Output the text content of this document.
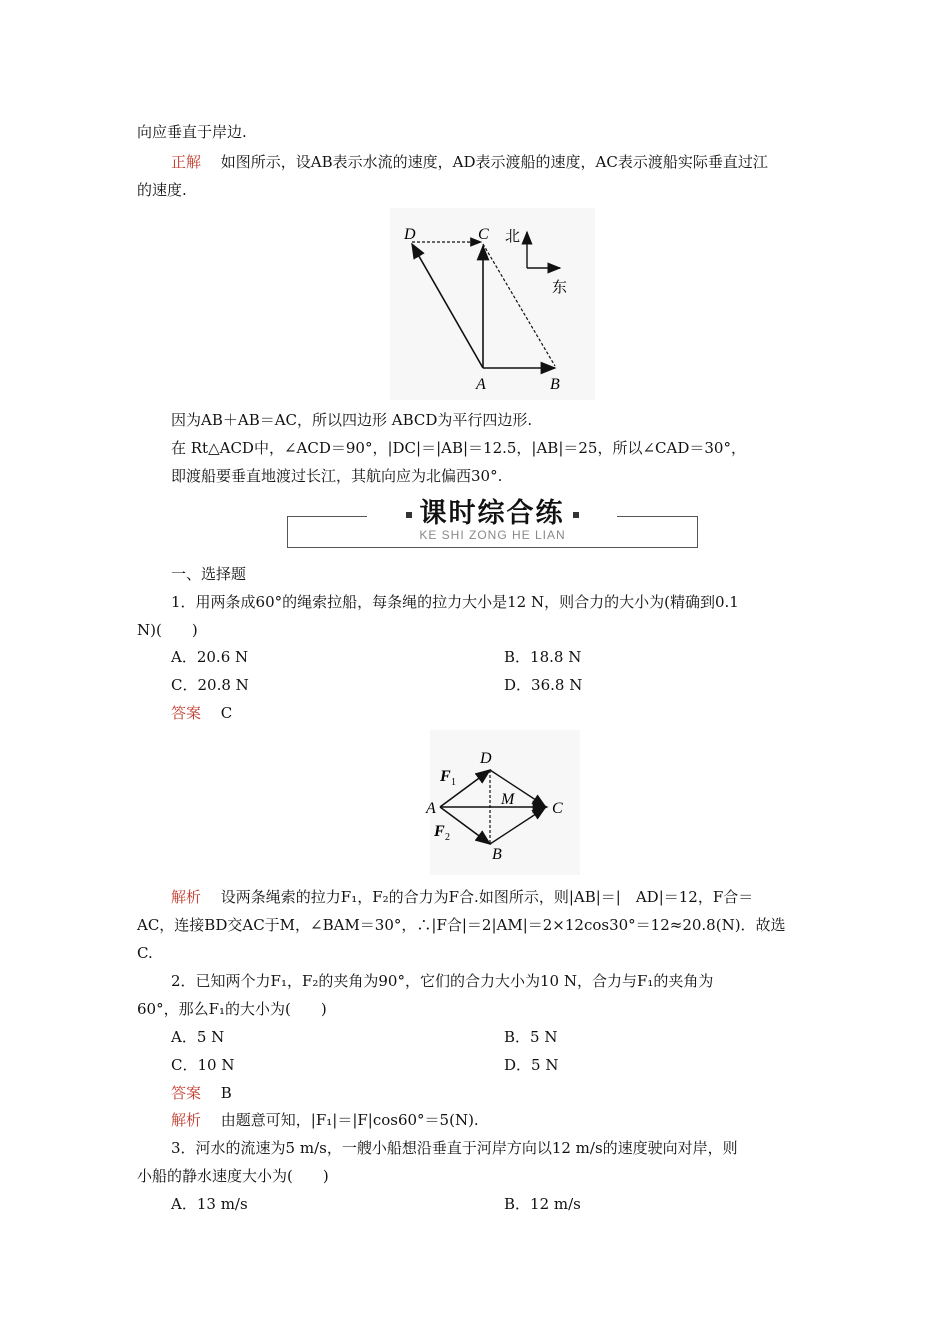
向应垂直于岸边.
正解　 如图所示，设AB表示水流的速度，AD表示渡船的速度，AC表示渡船实际垂直过江
的速度.
D	C
A	B
北
东
因为AB＋AB＝AC，所以四边形 ABCD为平行四边形.
在 Rt△ACD中，∠ACD＝90°，|DC|＝|AB|＝12.5，|AB|＝25，所以∠CAD＝30°，
即渡船要垂直地渡过长江，其航向应为北偏西30°.
课时综合练
KE SHI ZONG HE LIAN
一、选择题
1．用两条成60°的绳索拉船，每条绳的拉力大小是12 N，则合力的大小为(精确到0.1
N)(　　)
A．20.6 N	B．18.8 N
C．20.8 N	D．36.8 N
答案　 C
D
A	C
B
M
F 1
F 2
解析　 设两条绳索的拉力F₁，F₂的合力为F合.如图所示，则|AB|＝|　AD|＝12，F合＝
AC，连接BD交AC于M，∠BAM＝30°，∴|F合|＝2|AM|＝2×12cos30°＝12≈20.8(N)．故选
C.
2．已知两个力F₁，F₂的夹角为90°，它们的合力大小为10 N，合力与F₁的夹角为
60°，那么F₁的大小为(　　)
A．5 N	B．5 N
C．10 N	D．5 N
答案　 B
解析　 由题意可知，|F₁|＝|F|cos60°＝5(N).
3．河水的流速为5 m/s，一艘小船想沿垂直于河岸方向以12 m/s的速度驶向对岸，则
小船的静水速度大小为(　　)
A．13 m/s	B．12 m/s
